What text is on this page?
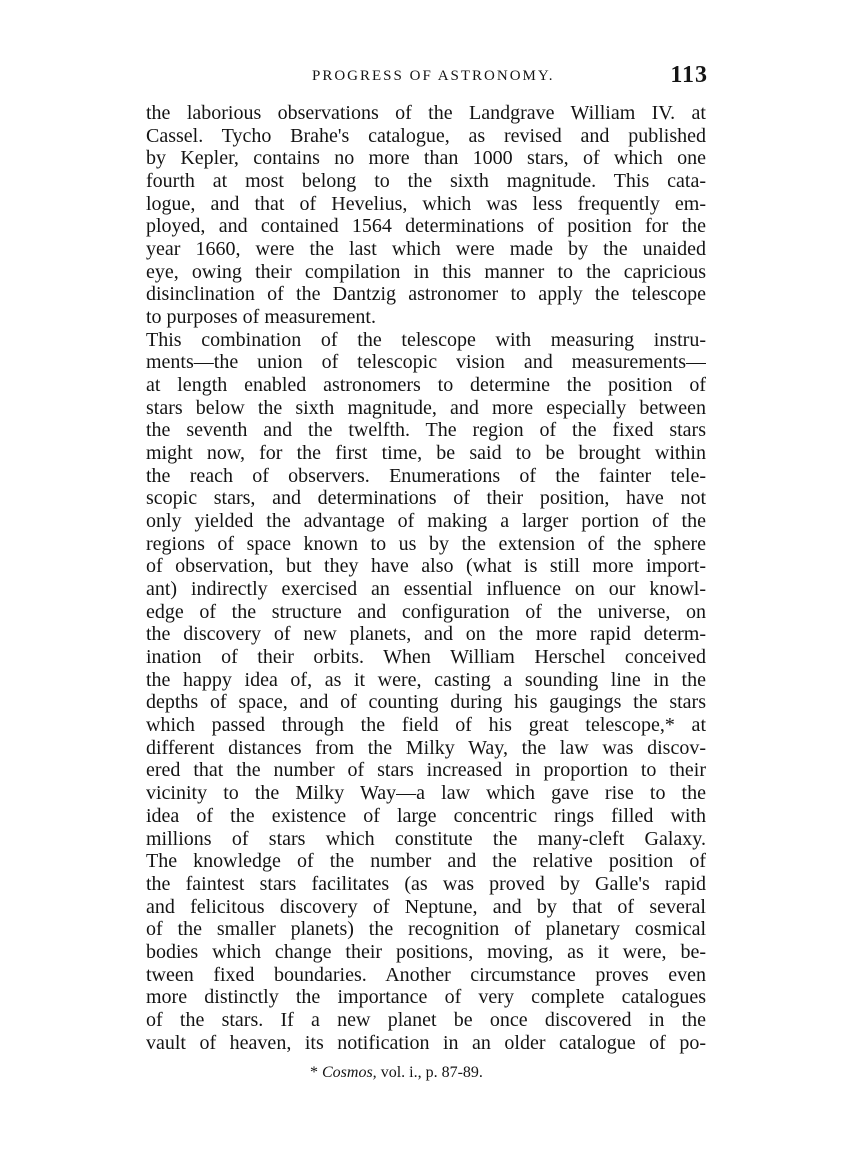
PROGRESS OF ASTRONOMY.	113
the laborious observations of the Landgrave William IV. at
Cassel. Tycho Brahe's catalogue, as revised and published
by Kepler, contains no more than 1000 stars, of which one
fourth at most belong to the sixth magnitude. This cata-
logue, and that of Hevelius, which was less frequently em-
ployed, and contained 1564 determinations of position for the
year 1660, were the last which were made by the unaided
eye, owing their compilation in this manner to the capricious
disinclination of the Dantzig astronomer to apply the telescope
to purposes of measurement.
This combination of the telescope with measuring instru-
ments—the union of telescopic vision and measurements—
at length enabled astronomers to determine the position of
stars below the sixth magnitude, and more especially between
the seventh and the twelfth. The region of the fixed stars
might now, for the first time, be said to be brought within
the reach of observers. Enumerations of the fainter tele-
scopic stars, and determinations of their position, have not
only yielded the advantage of making a larger portion of the
regions of space known to us by the extension of the sphere
of observation, but they have also (what is still more import-
ant) indirectly exercised an essential influence on our knowl-
edge of the structure and configuration of the universe, on
the discovery of new planets, and on the more rapid determ-
ination of their orbits. When William Herschel conceived
the happy idea of, as it were, casting a sounding line in the
depths of space, and of counting during his gaugings the stars
which passed through the field of his great telescope,* at
different distances from the Milky Way, the law was discov-
ered that the number of stars increased in proportion to their
vicinity to the Milky Way—a law which gave rise to the
idea of the existence of large concentric rings filled with
millions of stars which constitute the many-cleft Galaxy.
The knowledge of the number and the relative position of
the faintest stars facilitates (as was proved by Galle's rapid
and felicitous discovery of Neptune, and by that of several
of the smaller planets) the recognition of planetary cosmical
bodies which change their positions, moving, as it were, be-
tween fixed boundaries. Another circumstance proves even
more distinctly the importance of very complete catalogues
of the stars. If a new planet be once discovered in the
vault of heaven, its notification in an older catalogue of po-
* Cosmos, vol. i., p. 87-89.
